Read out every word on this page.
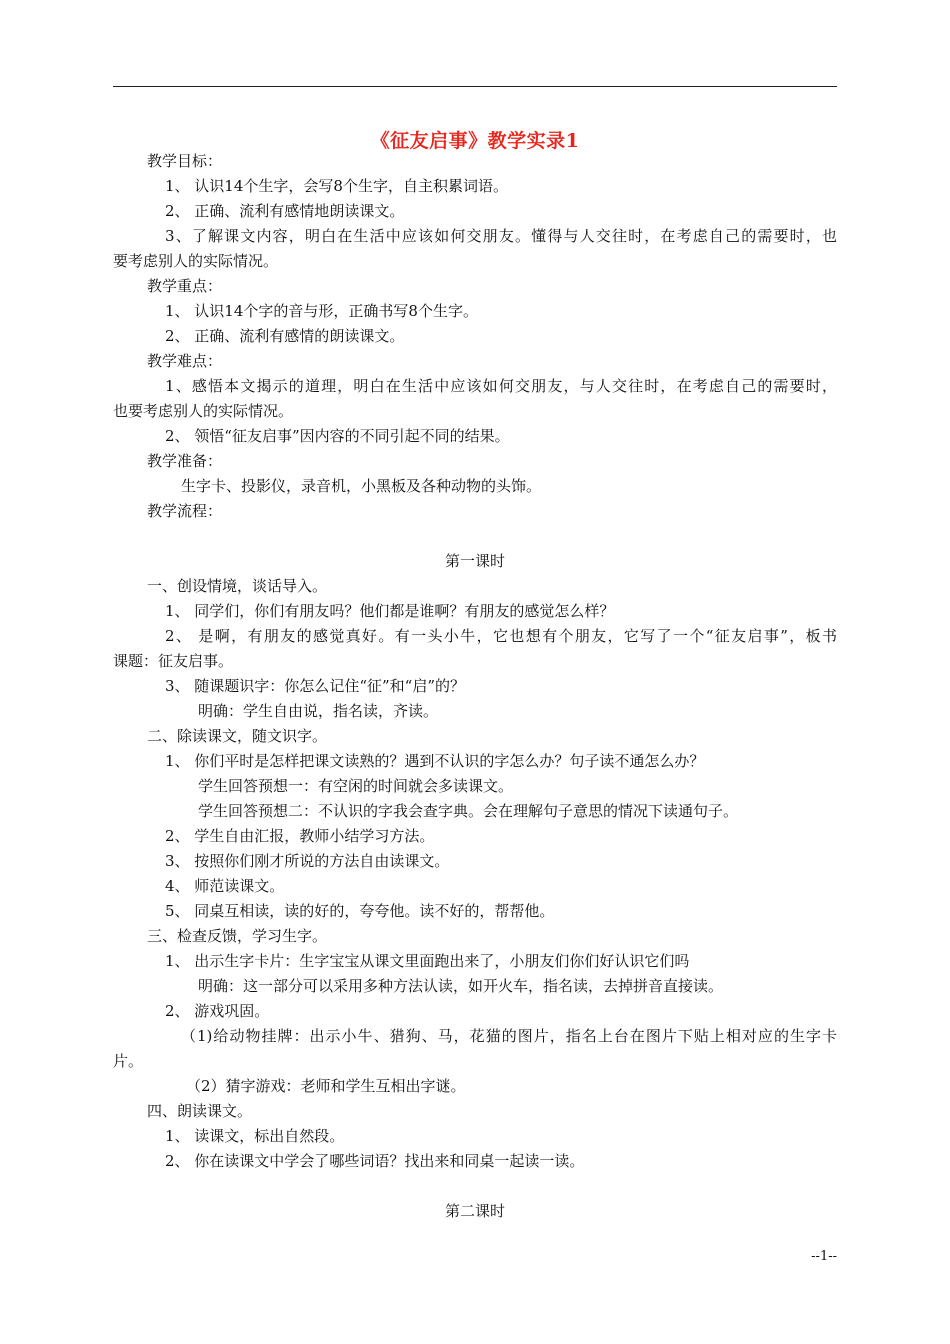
《征友启事》教学实录1
教学目标：
1、 认识14个生字，会写8个生字，自主积累词语。
2、 正确、流利有感情地朗读课文。
3、了解课文内容，明白在生活中应该如何交朋友。懂得与人交往时，在考虑自己的需要时，也
要考虑别人的实际情况。
教学重点：
1、 认识14个字的音与形，正确书写8个生字。
2、 正确、流利有感情的朗读课文。
教学难点：
1、感悟本文揭示的道理，明白在生活中应该如何交朋友，与人交往时，在考虑自己的需要时，
也要考虑别人的实际情况。
2、 领悟“征友启事”因内容的不同引起不同的结果。
教学准备：
生字卡、投影仪，录音机，小黑板及各种动物的头饰。
教学流程：
第一课时
一、创设情境，谈话导入。
1、 同学们，你们有朋友吗？他们都是谁啊？有朋友的感觉怎么样？
2、 是啊，有朋友的感觉真好。有一头小牛，它也想有个朋友，它写了一个“征友启事”，板书
课题：征友启事。
3、 随课题识字：你怎么记住“征”和“启”的？
明确：学生自由说，指名读，齐读。
二、除读课文，随文识字。
1、 你们平时是怎样把课文读熟的？遇到不认识的字怎么办？句子读不通怎么办？
学生回答预想一：有空闲的时间就会多读课文。
学生回答预想二：不认识的字我会查字典。会在理解句子意思的情况下读通句子。
2、 学生自由汇报，教师小结学习方法。
3、 按照你们刚才所说的方法自由读课文。
4、 师范读课文。
5、 同桌互相读，读的好的，夸夸他。读不好的，帮帮他。
三、检查反馈，学习生字。
1、 出示生字卡片：生字宝宝从课文里面跑出来了，小朋友们你们好认识它们吗
明确：这一部分可以采用多种方法认读，如开火车，指名读，去掉拼音直接读。
2、 游戏巩固。
（1)给动物挂牌：出示小牛、猎狗、马，花猫的图片，指名上台在图片下贴上相对应的生字卡
片。
（2）猜字游戏：老师和学生互相出字谜。
四、朗读课文。
1、 读课文，标出自然段。
2、 你在读课文中学会了哪些词语？找出来和同桌一起读一读。
第二课时
--1--
